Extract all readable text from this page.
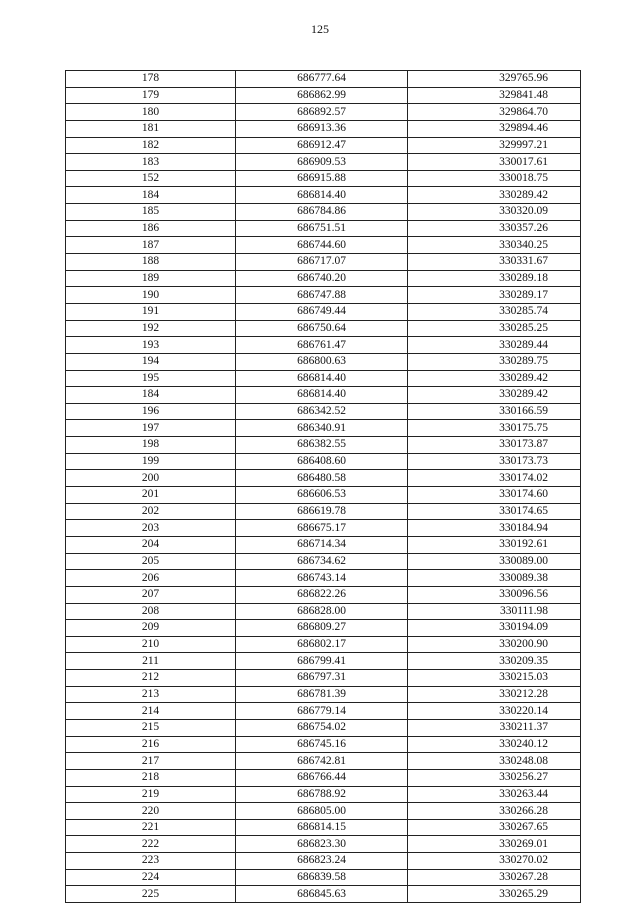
125
178	686777.64	329765.96
179	686862.99	329841.48
180	686892.57	329864.70
181	686913.36	329894.46
182	686912.47	329997.21
183	686909.53	330017.61
152	686915.88	330018.75
184	686814.40	330289.42
185	686784.86	330320.09
186	686751.51	330357.26
187	686744.60	330340.25
188	686717.07	330331.67
189	686740.20	330289.18
190	686747.88	330289.17
191	686749.44	330285.74
192	686750.64	330285.25
193	686761.47	330289.44
194	686800.63	330289.75
195	686814.40	330289.42
184	686814.40	330289.42
196	686342.52	330166.59
197	686340.91	330175.75
198	686382.55	330173.87
199	686408.60	330173.73
200	686480.58	330174.02
201	686606.53	330174.60
202	686619.78	330174.65
203	686675.17	330184.94
204	686714.34	330192.61
205	686734.62	330089.00
206	686743.14	330089.38
207	686822.26	330096.56
208	686828.00	330111.98
209	686809.27	330194.09
210	686802.17	330200.90
211	686799.41	330209.35
212	686797.31	330215.03
213	686781.39	330212.28
214	686779.14	330220.14
215	686754.02	330211.37
216	686745.16	330240.12
217	686742.81	330248.08
218	686766.44	330256.27
219	686788.92	330263.44
220	686805.00	330266.28
221	686814.15	330267.65
222	686823.30	330269.01
223	686823.24	330270.02
224	686839.58	330267.28
225	686845.63	330265.29
